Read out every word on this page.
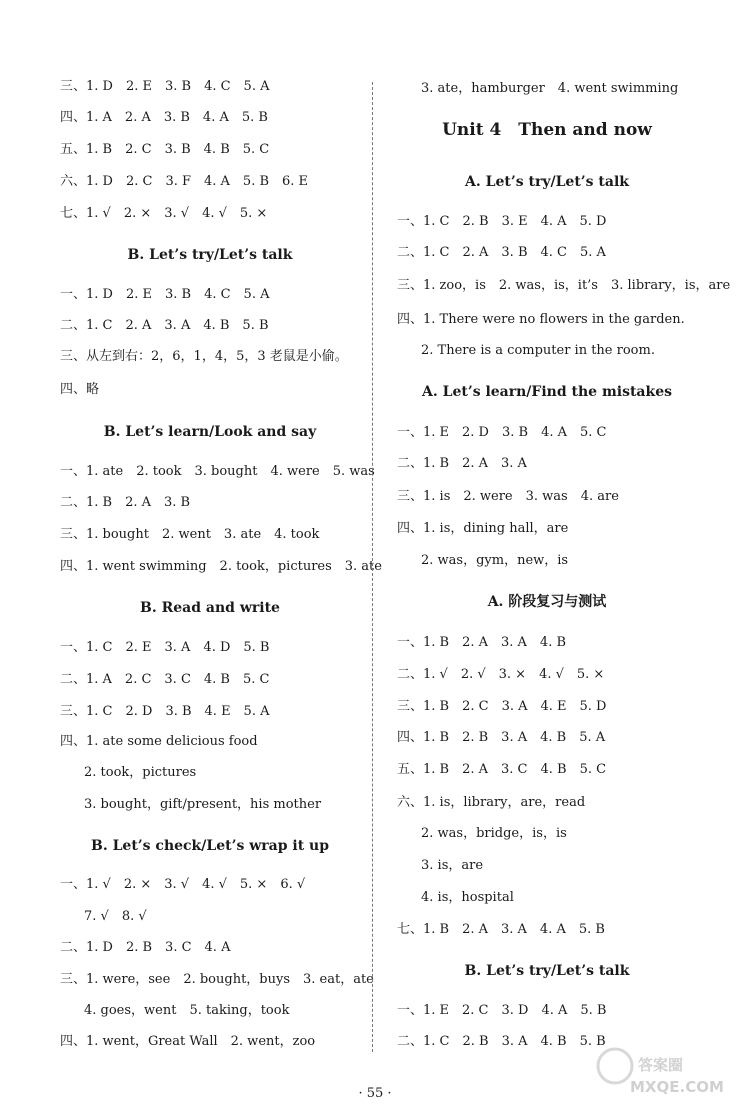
三、1. D　2. E　3. B　4. C　5. A
四、1. A　2. A　3. B　4. A　5. B
五、1. B　2. C　3. B　4. B　5. C
六、1. D　2. C　3. F　4. A　5. B　6. E
七、1. √　2. ×　3. √　4. √　5. ×
B. Let’s try/Let’s talk
一、1. D　2. E　3. B　4. C　5. A
二、1. C　2. A　3. A　4. B　5. B
三、从左到右：2，6，1，4，5，3 老鼠是小偷。
四、略
B. Let’s learn/Look and say
一、1. ate　2. took　3. bought　4. were　5. was
二、1. B　2. A　3. B
三、1. bought　2. went　3. ate　4. took
四、1. went swimming　2. took，pictures　3. ate
B. Read and write
一、1. C　2. E　3. A　4. D　5. B
二、1. A　2. C　3. C　4. B　5. C
三、1. C　2. D　3. B　4. E　5. A
四、1. ate some delicious food
2. took，pictures
3. bought，gift/present，his mother
B. Let’s check/Let’s wrap it up
一、1. √　2. ×　3. √　4. √　5. ×　6. √
7. √　8. √
二、1. D　2. B　3. C　4. A
三、1. were，see　2. bought，buys　3. eat，ate
4. goes，went　5. taking，took
四、1. went，Great Wall　2. went，zoo
3. ate，hamburger　4. went swimming
Unit 4　Then and now
A. Let’s try/Let’s talk
一、1. C　2. B　3. E　4. A　5. D
二、1. C　2. A　3. B　4. C　5. A
三、1. zoo，is　2. was，is，it’s　3. library，is，are
四、1. There were no flowers in the garden.
2. There is a computer in the room.
A. Let’s learn/Find the mistakes
一、1. E　2. D　3. B　4. A　5. C
二、1. B　2. A　3. A
三、1. is　2. were　3. was　4. are
四、1. is，dining hall，are
2. was，gym，new，is
A. 阶段复习与测试
一、1. B　2. A　3. A　4. B
二、1. √　2. √　3. ×　4. √　5. ×
三、1. B　2. C　3. A　4. E　5. D
四、1. B　2. B　3. A　4. B　5. A
五、1. B　2. A　3. C　4. B　5. C
六、1. is，library，are，read
2. was，bridge，is，is
3. is，are
4. is，hospital
七、1. B　2. A　3. A　4. A　5. B
B. Let’s try/Let’s talk
一、1. E　2. C　3. D　4. A　5. B
二、1. C　2. B　3. A　4. B　5. B
· 55 ·
答案圈
MXQE.COM
